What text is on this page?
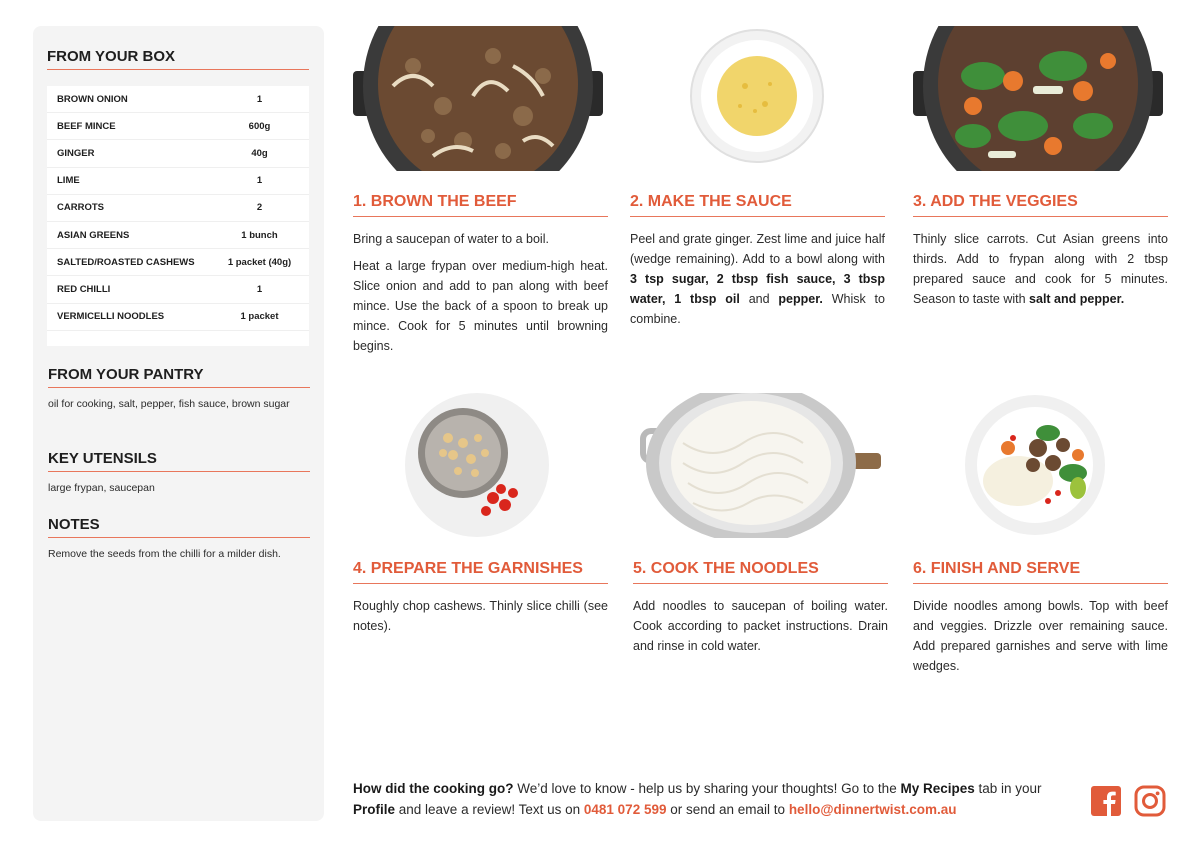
FROM YOUR BOX
BROWN ONION	1
BEEF MINCE	600g
GINGER	40g
LIME	1
CARROTS	2
ASIAN GREENS	1 bunch
SALTED/ROASTED CASHEWS	1 packet (40g)
RED CHILLI	1
VERMICELLI NOODLES	1 packet
FROM YOUR PANTRY
oil for cooking, salt, pepper, fish sauce, brown sugar
KEY UTENSILS
large frypan, saucepan
NOTES
Remove the seeds from the chilli for a milder dish.
1. BROWN THE BEEF

Bring a saucepan of water to a boil.

Heat a large frypan over medium-high heat. Slice onion and add to pan along with beef mince. Use the back of a spoon to break up mince. Cook for 5 minutes until browning begins.

2. MAKE THE SAUCE

Peel and grate ginger. Zest lime and juice half (wedge remaining). Add to a bowl along with 3 tsp sugar, 2 tbsp fish sauce, 3 tbsp water, 1 tbsp oil and pepper. Whisk to combine.

3. ADD THE VEGGIES

Thinly slice carrots. Cut Asian greens into thirds. Add to frypan along with 2 tbsp prepared sauce and cook for 5 minutes. Season to taste with salt and pepper.

4. PREPARE THE GARNISHES

Roughly chop cashews. Thinly slice chilli (see notes).

5. COOK THE NOODLES

Add noodles to saucepan of boiling water. Cook according to packet instructions. Drain and rinse in cold water.

6. FINISH AND SERVE

Divide noodles among bowls. Top with beef and veggies. Drizzle over remaining sauce. Add prepared garnishes and serve with lime wedges.

How did the cooking go? We’d love to know - help us by sharing your thoughts! Go to the My Recipes tab in your Profile and leave a review! Text us on 0481 072 599 or send an email to hello@dinnertwist.com.au
